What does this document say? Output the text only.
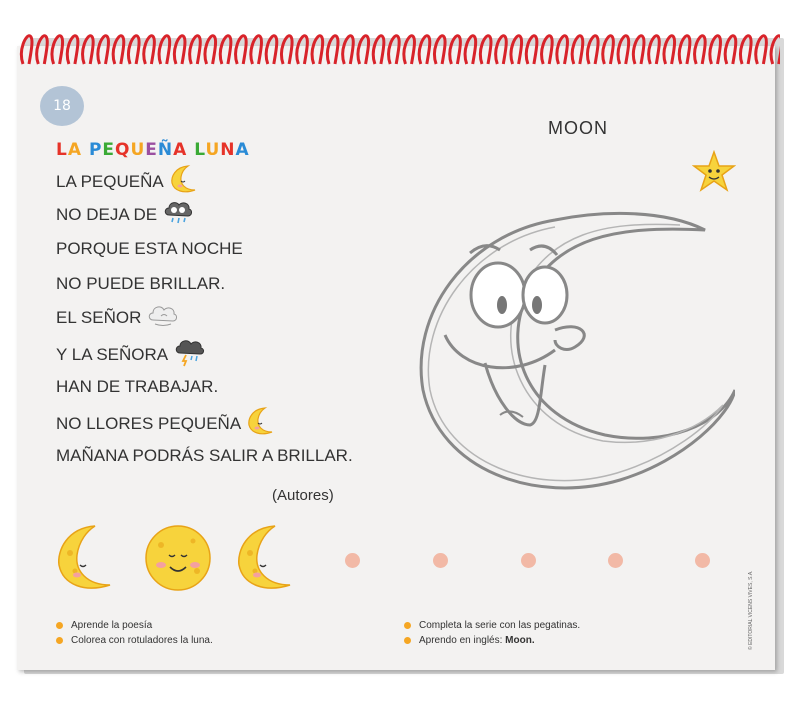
18
LA PEQUEÑA LUNA
LA PEQUEÑA
NO DEJA DE
PORQUE ESTA NOCHE
NO PUEDE BRILLAR.
EL SEÑOR
Y LA SEÑORA
HAN DE TRABAJAR.
NO LLORES PEQUEÑA
MAÑANA PODRÁS SALIR A BRILLAR.
(Autores)
MOON
Aprende la poesía
Colorea con rotuladores la luna.
Completa la serie con las pegatinas.
Aprendo en inglés: Moon.	© EDITORIAL VICENS VIVES, S.A.
